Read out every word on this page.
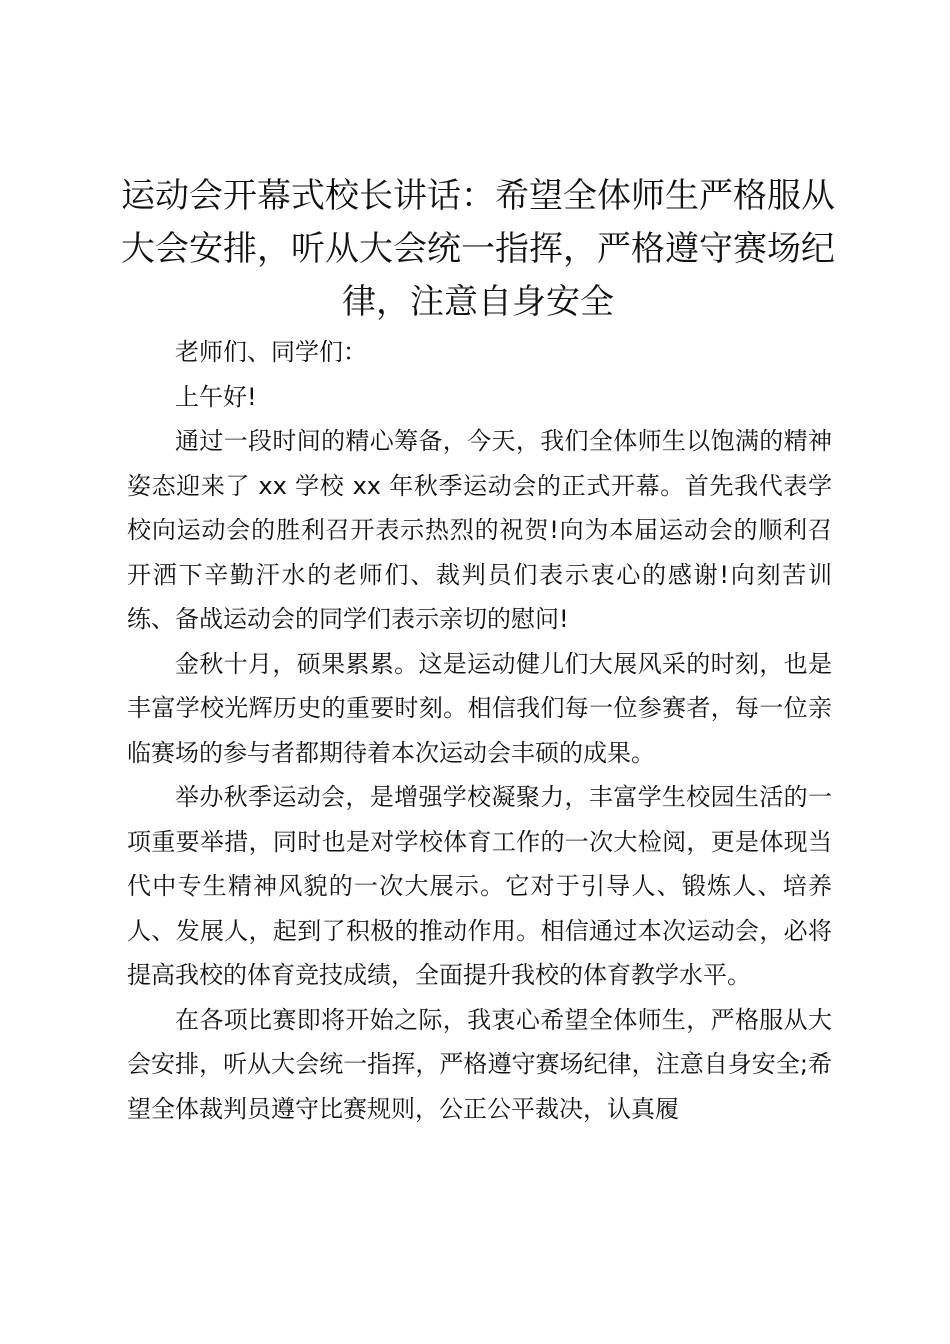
运动会开幕式校长讲话：希望全体师生严格服从大会安排，听从大会统一指挥，严格遵守赛场纪律，注意自身安全

老师们、同学们：

上午好!

通过一段时间的精心筹备，今天，我们全体师生以饱满的精神姿态迎来了 xx 学校 xx 年秋季运动会的正式开幕。首先我代表学校向运动会的胜利召开表示热烈的祝贺!向为本届运动会的顺利召开洒下辛勤汗水的老师们、裁判员们表示衷心的感谢!向刻苦训练、备战运动会的同学们表示亲切的慰问!

金秋十月，硕果累累。这是运动健儿们大展风采的时刻，也是丰富学校光辉历史的重要时刻。相信我们每一位参赛者，每一位亲临赛场的参与者都期待着本次运动会丰硕的成果。

举办秋季运动会，是增强学校凝聚力，丰富学生校园生活的一项重要举措，同时也是对学校体育工作的一次大检阅，更是体现当代中专生精神风貌的一次大展示。它对于引导人、锻炼人、培养人、发展人，起到了积极的推动作用。相信通过本次运动会，必将提高我校的体育竞技成绩，全面提升我校的体育教学水平。

在各项比赛即将开始之际，我衷心希望全体师生，严格服从大会安排，听从大会统一指挥，严格遵守赛场纪律，注意自身安全;希望全体裁判员遵守比赛规则，公正公平裁决，认真履
